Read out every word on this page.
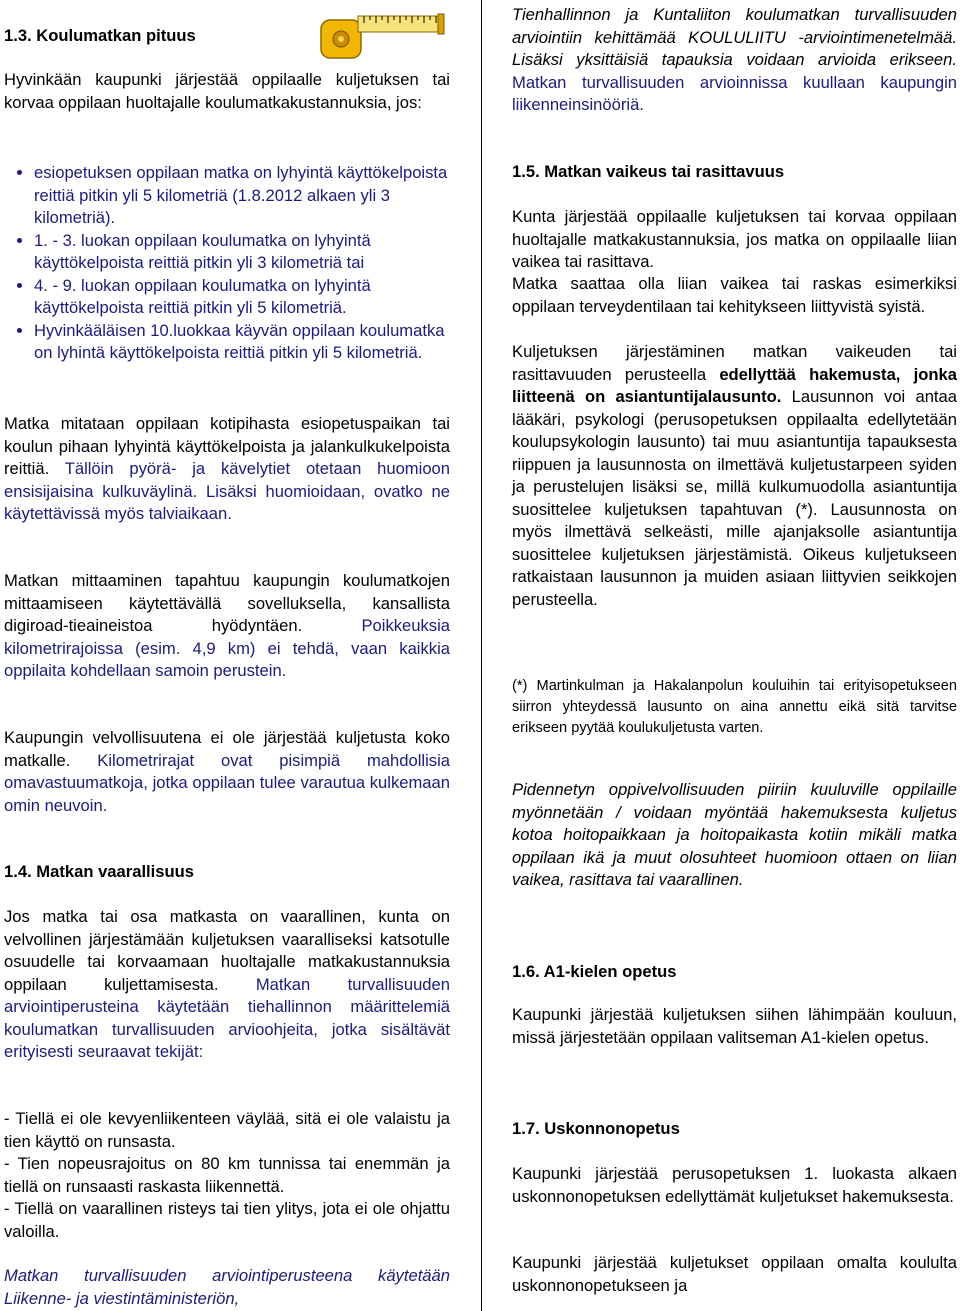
1.3. Koulumatkan pituus

Hyvinkään kaupunki järjestää oppilaalle kuljetuksen tai korvaa oppilaan huoltajalle koulumatkakustannuksia, jos:

• esiopetuksen oppilaan matka on lyhyintä käyttökelpoista reittiä pitkin yli 5 kilometriä (1.8.2012 alkaen yli 3 kilometriä).
• 1. - 3. luokan oppilaan koulumatka on lyhyintä käyttökelpoista reittiä pitkin yli 3 kilometriä tai
• 4. - 9. luokan oppilaan koulumatka on lyhyintä käyttökelpoista reittiä pitkin yli 5 kilometriä.
• Hyvinkääläisen 10.luokkaa käyvän oppilaan koulumatka on lyhintä käyttökelpoista reittiä pitkin yli 5 kilometriä.

Matka mitataan oppilaan kotipihasta esiopetuspaikan tai koulun pihaan lyhyintä käyttökelpoista ja jalankulkukelpoista reittiä. Tällöin pyörä- ja kävelytiet otetaan huomioon ensisijaisina kulkuväylinä. Lisäksi huomioidaan, ovatko ne käytettävissä myös talviaikaan.

Matkan mittaaminen tapahtuu kaupungin koulumatkojen mittaamiseen käytettävällä sovelluksella, kansallista digiroad-tieaineistoa hyödyntäen. Poikkeuksia kilometrirajoissa (esim. 4,9 km) ei tehdä, vaan kaikkia oppilaita kohdellaan samoin perustein.

Kaupungin velvollisuutena ei ole järjestää kuljetusta koko matkalle. Kilometrirajat ovat pisimpiä mahdollisia omavastuumatkoja, jotka oppilaan tulee varautua kulkemaan omin neuvoin.

1.4. Matkan vaarallisuus

Jos matka tai osa matkasta on vaarallinen, kunta on velvollinen järjestämään kuljetuksen vaaralliseksi katsotulle osuudelle tai korvaamaan huoltajalle matkakustannuksia oppilaan kuljettamisesta. Matkan turvallisuuden arviointiperusteina käytetään tiehallinnon määrittelemiä koulumatkan turvallisuuden arvioohjeita, jotka sisältävät erityisesti seuraavat tekijät:

- Tiellä ei ole kevyenliikenteen väylää, sitä ei ole valaistu ja tien käyttö on runsasta.

- Tien nopeusrajoitus on 80 km tunnissa tai enemmän ja tiellä on runsaasti raskasta liikennettä.

- Tiellä on vaarallinen risteys tai tien ylitys, jota ei ole ohjattu valoilla.

Matkan turvallisuuden arviointiperusteena käytetään Liikenne- ja viestintäministeriön,

Tienhallinnon ja Kuntaliiton koulumatkan turvallisuuden arviointiin kehittämää KOULULIITU -arviointimenetelmää. Lisäksi yksittäisiä tapauksia voidaan arvioida erikseen. Matkan turvallisuuden arvioinnissa kuullaan kaupungin liikenneinsinööriä.

1.5. Matkan vaikeus tai rasittavuus

Kunta järjestää oppilaalle kuljetuksen tai korvaa oppilaan huoltajalle matkakustannuksia, jos matka on oppilaalle liian vaikea tai rasittava.

Matka saattaa olla liian vaikea tai raskas esimerkiksi oppilaan terveydentilaan tai kehitykseen liittyvistä syistä.

Kuljetuksen järjestäminen matkan vaikeuden tai rasittavuuden perusteella edellyttää hakemusta, jonka liitteenä on asiantuntijalausunto. Lausunnon voi antaa lääkäri, psykologi (perusopetuksen oppilaalta edellytetään koulupsykologin lausunto) tai muu asiantuntija tapauksesta riippuen ja lausunnosta on ilmettävä kuljetustarpeen syiden ja perustelujen lisäksi se, millä kulkumuodolla asiantuntija suosittelee kuljetuksen tapahtuvan (*). Lausunnosta on myös ilmettävä selkeästi, mille ajanjaksolle asiantuntija suosittelee kuljetuksen järjestämistä. Oikeus kuljetukseen ratkaistaan lausunnon ja muiden asiaan liittyvien seikkojen perusteella.

(*) Martinkulman ja Hakalanpolun kouluihin tai erityisopetukseen siirron yhteydessä lausunto on aina annettu eikä sitä tarvitse erikseen pyytää koulukuljetusta varten.

Pidennetyn oppivelvollisuuden piiriin kuuluville oppilaille myönnetään / voidaan myöntää hakemuksesta kuljetus kotoa hoitopaikkaan ja hoitopaikasta kotiin mikäli matka oppilaan ikä ja muut olosuhteet huomioon ottaen on liian vaikea, rasittava tai vaarallinen.

1.6. A1-kielen opetus

Kaupunki järjestää kuljetuksen siihen lähimpään kouluun, missä järjestetään oppilaan valitseman A1-kielen opetus.

1.7. Uskonnonopetus

Kaupunki järjestää perusopetuksen 1. luokasta alkaen uskonnonopetuksen edellyttämät kuljetukset hakemuksesta.

Kaupunki järjestää kuljetukset oppilaan omalta koululta uskonnonopetukseen ja
